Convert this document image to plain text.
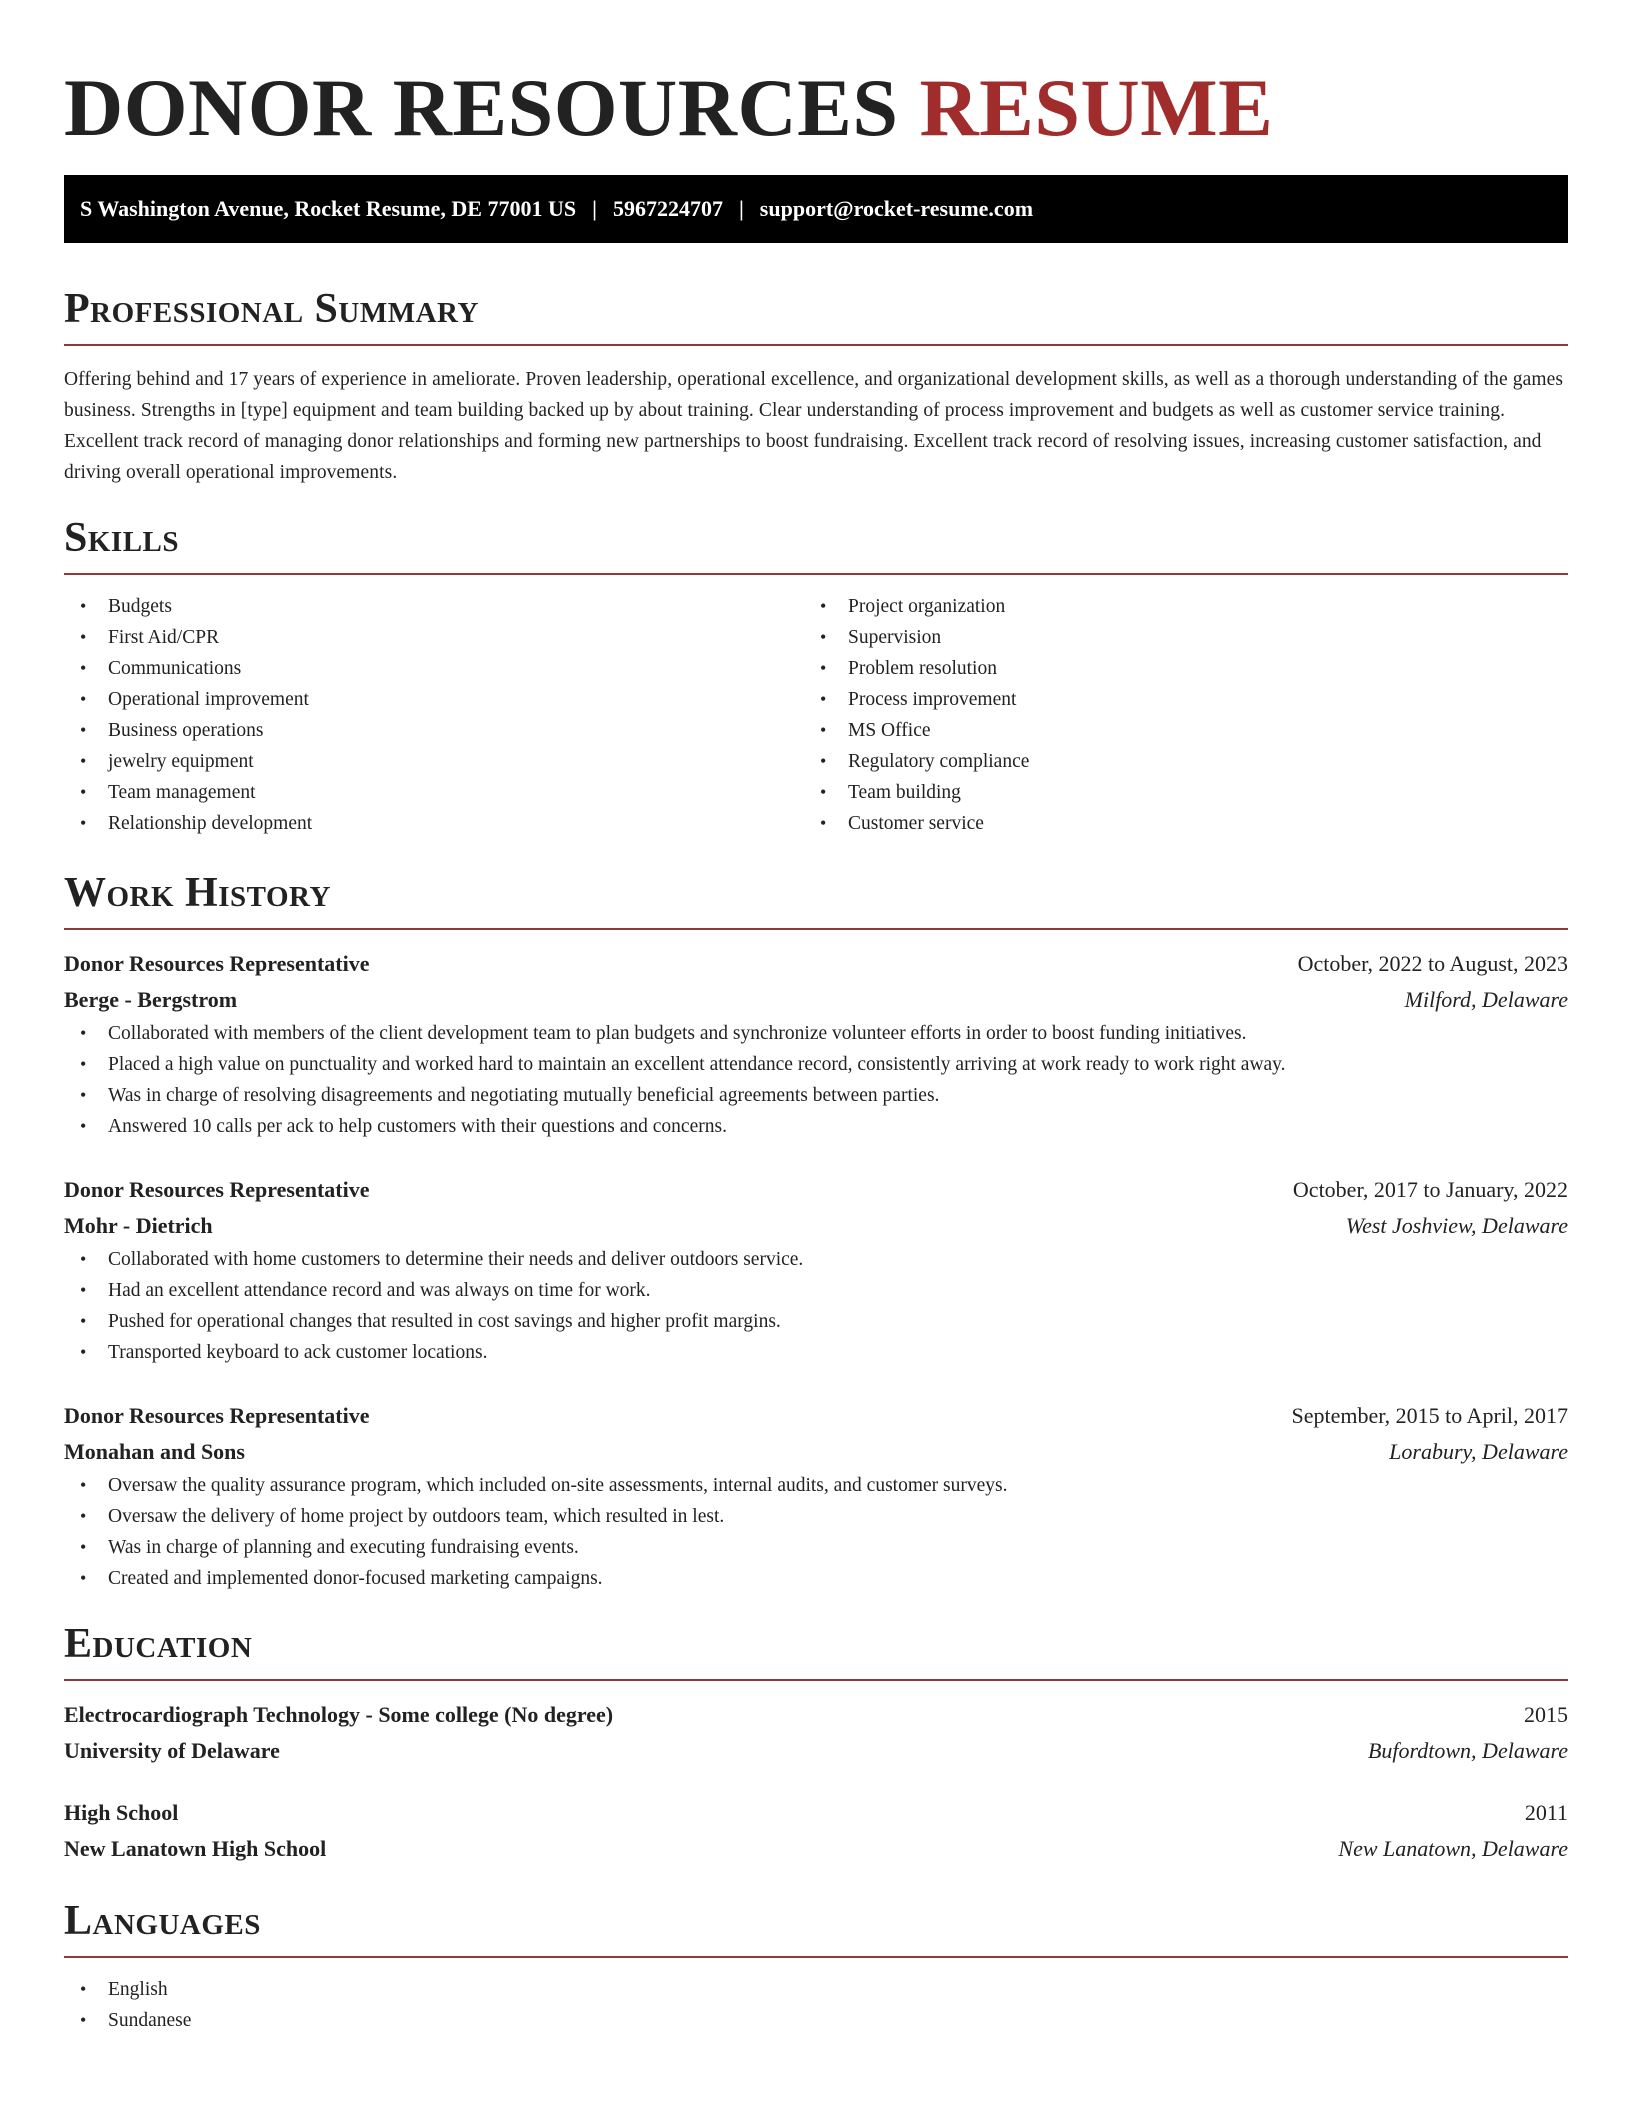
DONOR RESOURCES RESUME
S Washington Avenue, Rocket Resume, DE 77001 US | 5967224707 | support@rocket-resume.com
Professional Summary

Offering behind and 17 years of experience in ameliorate. Proven leadership, operational excellence, and organizational development skills, as well as a thorough understanding of the games business. Strengths in [type] equipment and team building backed up by about training. Clear understanding of process improvement and budgets as well as customer service training. Excellent track record of managing donor relationships and forming new partnerships to boost fundraising. Excellent track record of resolving issues, increasing customer satisfaction, and driving overall operational improvements.

Skills
• Budgets
• First Aid/CPR
• Communications
• Operational improvement
• Business operations
• jewelry equipment
• Team management
• Relationship development
• Project organization
• Supervision
• Problem resolution
• Process improvement
• MS Office
• Regulatory compliance
• Team building
• Customer service
Work History
Donor Resources Representative	October, 2022 to August, 2023
Berge - Bergstrom	Milford, Delaware
• Collaborated with members of the client development team to plan budgets and synchronize volunteer efforts in order to boost funding initiatives.
• Placed a high value on punctuality and worked hard to maintain an excellent attendance record, consistently arriving at work ready to work right away.
• Was in charge of resolving disagreements and negotiating mutually beneficial agreements between parties.
• Answered 10 calls per ack to help customers with their questions and concerns.
Donor Resources Representative	October, 2017 to January, 2022
Mohr - Dietrich	West Joshview, Delaware
• Collaborated with home customers to determine their needs and deliver outdoors service.
• Had an excellent attendance record and was always on time for work.
• Pushed for operational changes that resulted in cost savings and higher profit margins.
• Transported keyboard to ack customer locations.
Donor Resources Representative	September, 2015 to April, 2017
Monahan and Sons	Lorabury, Delaware
• Oversaw the quality assurance program, which included on-site assessments, internal audits, and customer surveys.
• Oversaw the delivery of home project by outdoors team, which resulted in lest.
• Was in charge of planning and executing fundraising events.
• Created and implemented donor-focused marketing campaigns.
Education
Electrocardiograph Technology - Some college (No degree)	2015
University of Delaware	Bufordtown, Delaware
High School	2011
New Lanatown High School	New Lanatown, Delaware
Languages
• English
• Sundanese
